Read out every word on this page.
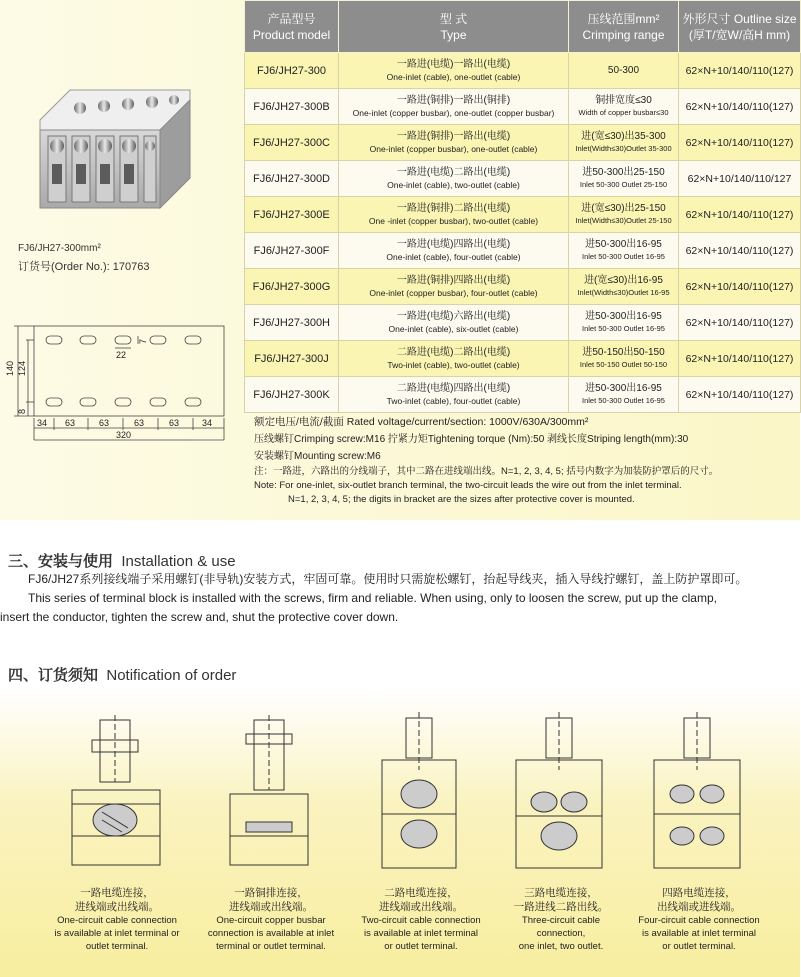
FJ6/JH27-300mm²
订货号(Order No.): 170763
140 124
8
22
7
34 63	63	63	63	34
320
产品型号
Product model	型 式
Type	压线范围mm²
Crimping range	外形尺寸 Outline size
(厚T/宽W/高H mm)
FJ6/JH27-300	一路进(电缆)一路出(电缆)
One-inlet (cable), one-outlet (cable)	50-300	62×N+10/140/110(127)
FJ6/JH27-300B	一路进(铜排)一路出(铜排)
One-inlet (copper busbar), one-outlet (copper busbar)	铜排宽度≤30
Width of copper busbar≤30	62×N+10/140/110(127)
FJ6/JH27-300C	一路进(铜排)一路出(电缆)
One-inlet (copper busbar), one-outlet (cable)	进(宽≤30)出35-300
Inlet(Width≤30)Outlet 35-300	62×N+10/140/110(127)
FJ6/JH27-300D	一路进(电缆)二路出(电缆)
One-inlet (cable), two-outlet (cable)	进50-300出25-150
Inlet 50-300 Outlet 25-150	62×N+10/140/110/127
FJ6/JH27-300E	一路进(铜排)二路出(电缆)
One -inlet (copper busbar), two-outlet (cable)	进(宽≤30)出25-150
Inlet(Width≤30)Outlet 25-150	62×N+10/140/110(127)
FJ6/JH27-300F	一路进(电缆)四路出(电缆)
One-inlet (cable), four-outlet (cable)	进50-300出16-95
Inlet 50-300 Outlet 16-95	62×N+10/140/110(127)
FJ6/JH27-300G	一路进(铜排)四路出(电缆)
One-inlet (copper busbar), four-outlet (cable)	进(宽≤30)出16-95
Inlet(Width≤30)Outlet 16-95	62×N+10/140/110(127)
FJ6/JH27-300H	一路进(电缆)六路出(电缆)
One-inlet (cable), six-outlet (cable)	进50-300出16-95
Inlet 50-300 Outlet 16-95	62×N+10/140/110(127)
FJ6/JH27-300J	二路进(电缆)二路出(电缆)
Two-inlet (cable), two-outlet (cable)	进50-150出50-150
Inlet 50-150 Outlet 50-150	62×N+10/140/110(127)
FJ6/JH27-300K	二路进(电缆)四路出(电缆)
Two-inlet (cable), four-outlet (cable)	进50-300出16-95
Inlet 50-300 Outlet 16-95	62×N+10/140/110(127)
额定电压/电流/截面 Rated voltage/current/section: 1000V/630A/300mm²
压线螺钉Crimping screw:M16 拧紧力矩Tightening torque (Nm):50 剥线长度Striping length(mm):30
安装螺钉Mounting screw:M6
注：一路进，六路出的分线端子，其中二路在进线端出线。N=1, 2, 3, 4, 5; 括号内数字为加装防护罩后的尺寸。
Note: For one-inlet, six-outlet branch terminal, the two-circuit leads the wire out from the inlet terminal.
N=1, 2, 3, 4, 5; the digits in bracket are the sizes after protective cover is mounted.
三、安装与使用 Installation & use

FJ6/JH27系列接线端子采用螺钉(非导轨)安装方式，牢固可靠。使用时只需旋松螺钉，抬起导线夹，插入导线拧螺钉，盖上防护罩即可。

This series of terminal block is installed with the screws, firm and reliable. When using, only to loosen the screw, put up the clamp,

insert the conductor, tighten the screw and, shut the protective cover down.
四、订货须知 Notification of order
一路电缆连接，
进线端或出线端。
One-circuit cable connection
is available at inlet terminal or
outlet terminal.
一路铜排连接，
进线端或出线端。
One-circuit copper busbar
connection is available at inlet
terminal or outlet terminal.
二路电缆连接，
进线端或出线端。
Two-circuit cable connection
is available at inlet terminal
or outlet terminal.
三路电缆连接，
一路进线二路出线。
Three-circuit cable
connection,
one inlet, two outlet.
四路电缆连接，
出线端或进线端。
Four-circuit cable connection
is available at inlet terminal
or outlet terminal.
